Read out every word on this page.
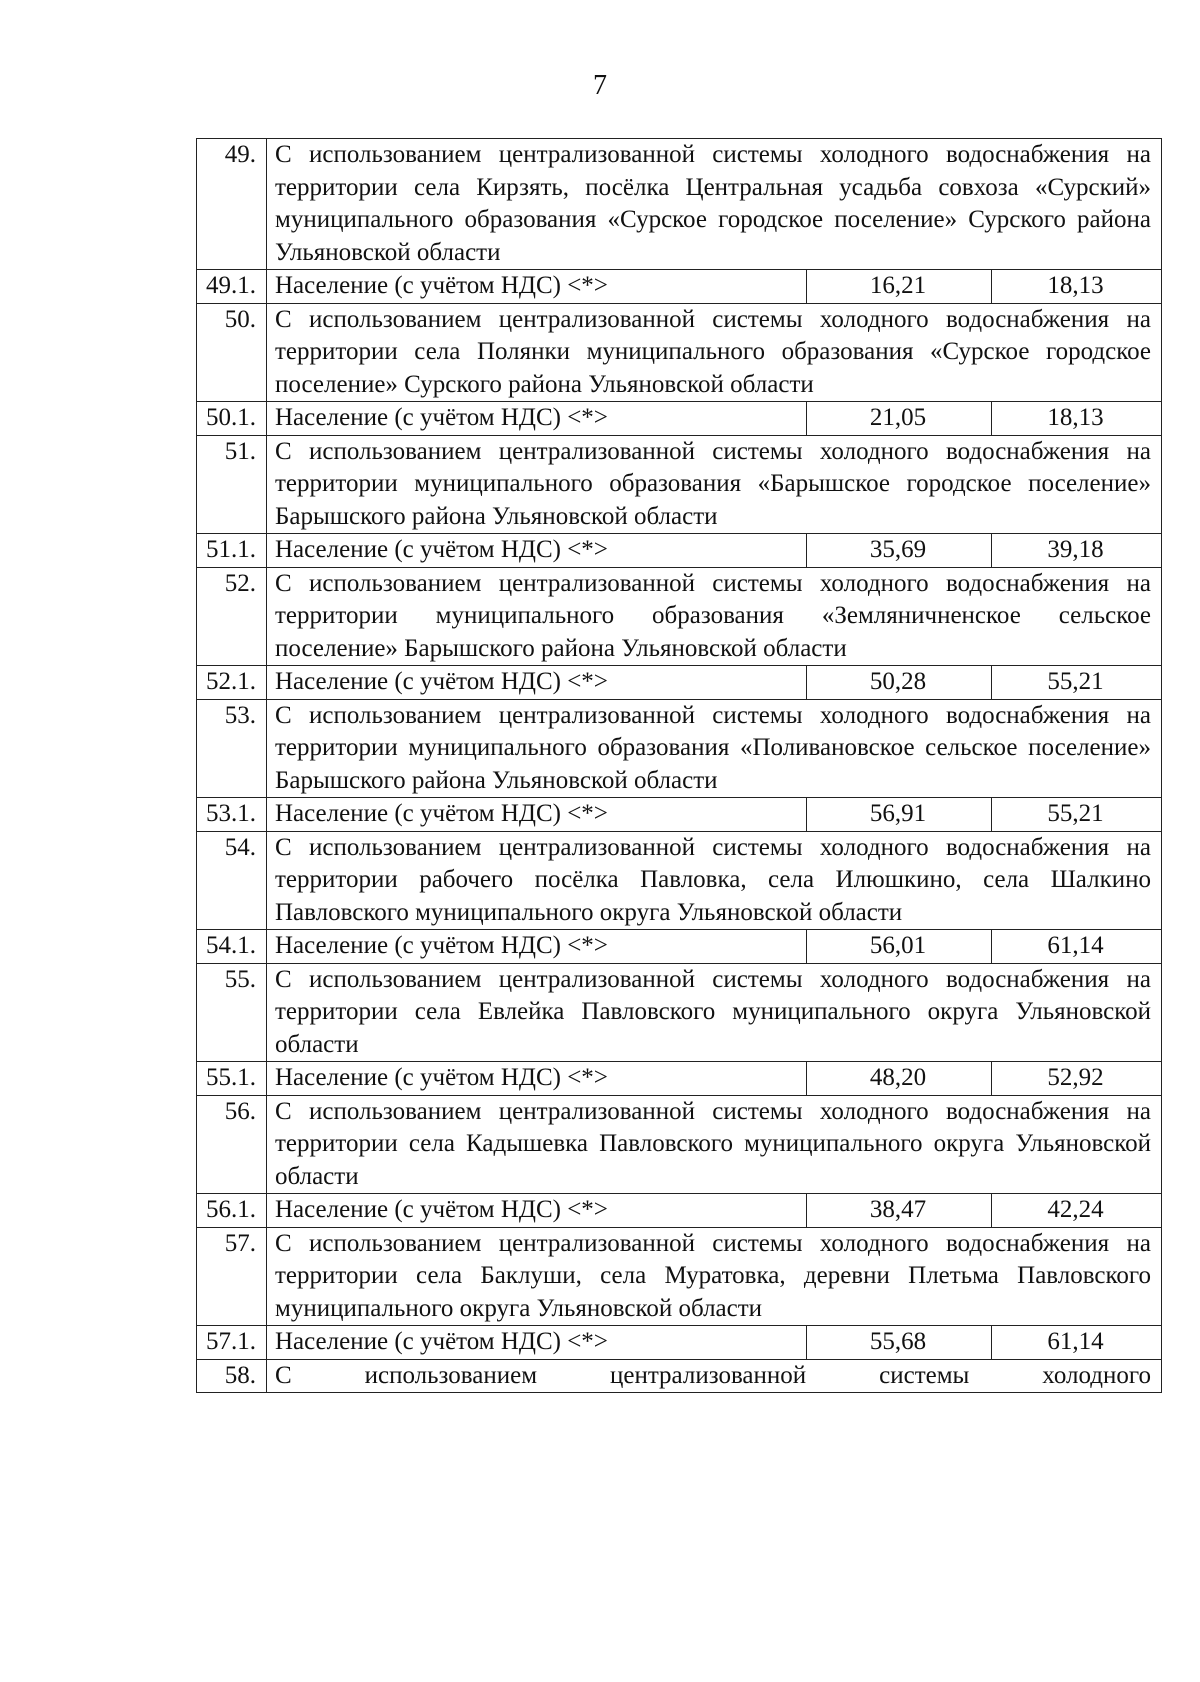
7
49.	С использованием централизованной системы холодного водоснабжения на территории села Кирзять, посёлка Центральная усадьба совхоза «Сурский» муниципального образования «Сурское городское поселение» Сурского района Ульяновской области		
49.1.	Население (с учётом НДС) <*>	16,21	18,13
50.	С использованием централизованной системы холодного водоснабжения на территории села Полянки муниципального образования «Сурское городское поселение» Сурского района Ульяновской области		
50.1.	Население (с учётом НДС) <*>	21,05	18,13
51.	С использованием централизованной системы холодного водоснабжения на территории муниципального образования «Барышское городское поселение» Барышского района Ульяновской области		
51.1.	Население (с учётом НДС) <*>	35,69	39,18
52.	С использованием централизованной системы холодного водоснабжения на территории муниципального образования «Земляничненское сельское поселение» Барышского района Ульяновской области		
52.1.	Население (с учётом НДС) <*>	50,28	55,21
53.	С использованием централизованной системы холодного водоснабжения на территории муниципального образования «Поливановское сельское поселение» Барышского района Ульяновской области		
53.1.	Население (с учётом НДС) <*>	56,91	55,21
54.	С использованием централизованной системы холодного водоснабжения на территории рабочего посёлка Павловка, села Илюшкино, села Шалкино Павловского муниципального округа Ульяновской области		
54.1.	Население (с учётом НДС) <*>	56,01	61,14
55.	С использованием централизованной системы холодного водоснабжения на территории села Евлейка Павловского муниципального округа Ульяновской области		
55.1.	Население (с учётом НДС) <*>	48,20	52,92
56.	С использованием централизованной системы холодного водоснабжения на территории села Кадышевка Павловского муниципального округа Ульяновской области		
56.1.	Население (с учётом НДС) <*>	38,47	42,24
57.	С использованием централизованной системы холодного водоснабжения на территории села Баклуши, села Муратовка, деревни Плетьма Павловского муниципального округа Ульяновской области		
57.1.	Население (с учётом НДС) <*>	55,68	61,14
58.	С использованием централизованной системы холодного		
